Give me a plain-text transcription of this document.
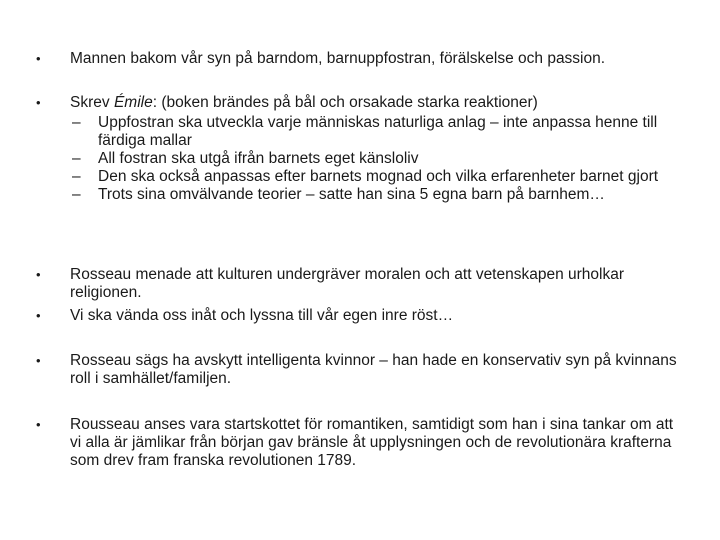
•	Mannen bakom vår syn på barndom, barnuppfostran, förälskelse och passion.
•	Skrev Émile: (boken brändes på bål och orsakade starka reaktioner)
– Uppfostran ska utveckla varje människas naturliga anlag – inte anpassa henne till färdiga mallar
– All fostran ska utgå ifrån barnets eget känsloliv
– Den ska också anpassas efter barnets mognad och vilka erfarenheter barnet gjort
– Trots sina omvälvande teorier – satte han sina 5 egna barn på barnhem…
•	Rosseau menade att kulturen undergräver moralen och att vetenskapen urholkar religionen.
•	Vi ska vända oss inåt och lyssna till vår egen inre röst…
•	Rosseau sägs ha avskytt intelligenta kvinnor – han hade en konservativ syn på kvinnans roll i samhället/familjen.
•	Rousseau anses vara startskottet för romantiken, samtidigt som han i sina tankar om att vi alla är jämlikar från början gav bränsle åt upplysningen och de revolutionära krafterna som drev fram franska revolutionen 1789.
